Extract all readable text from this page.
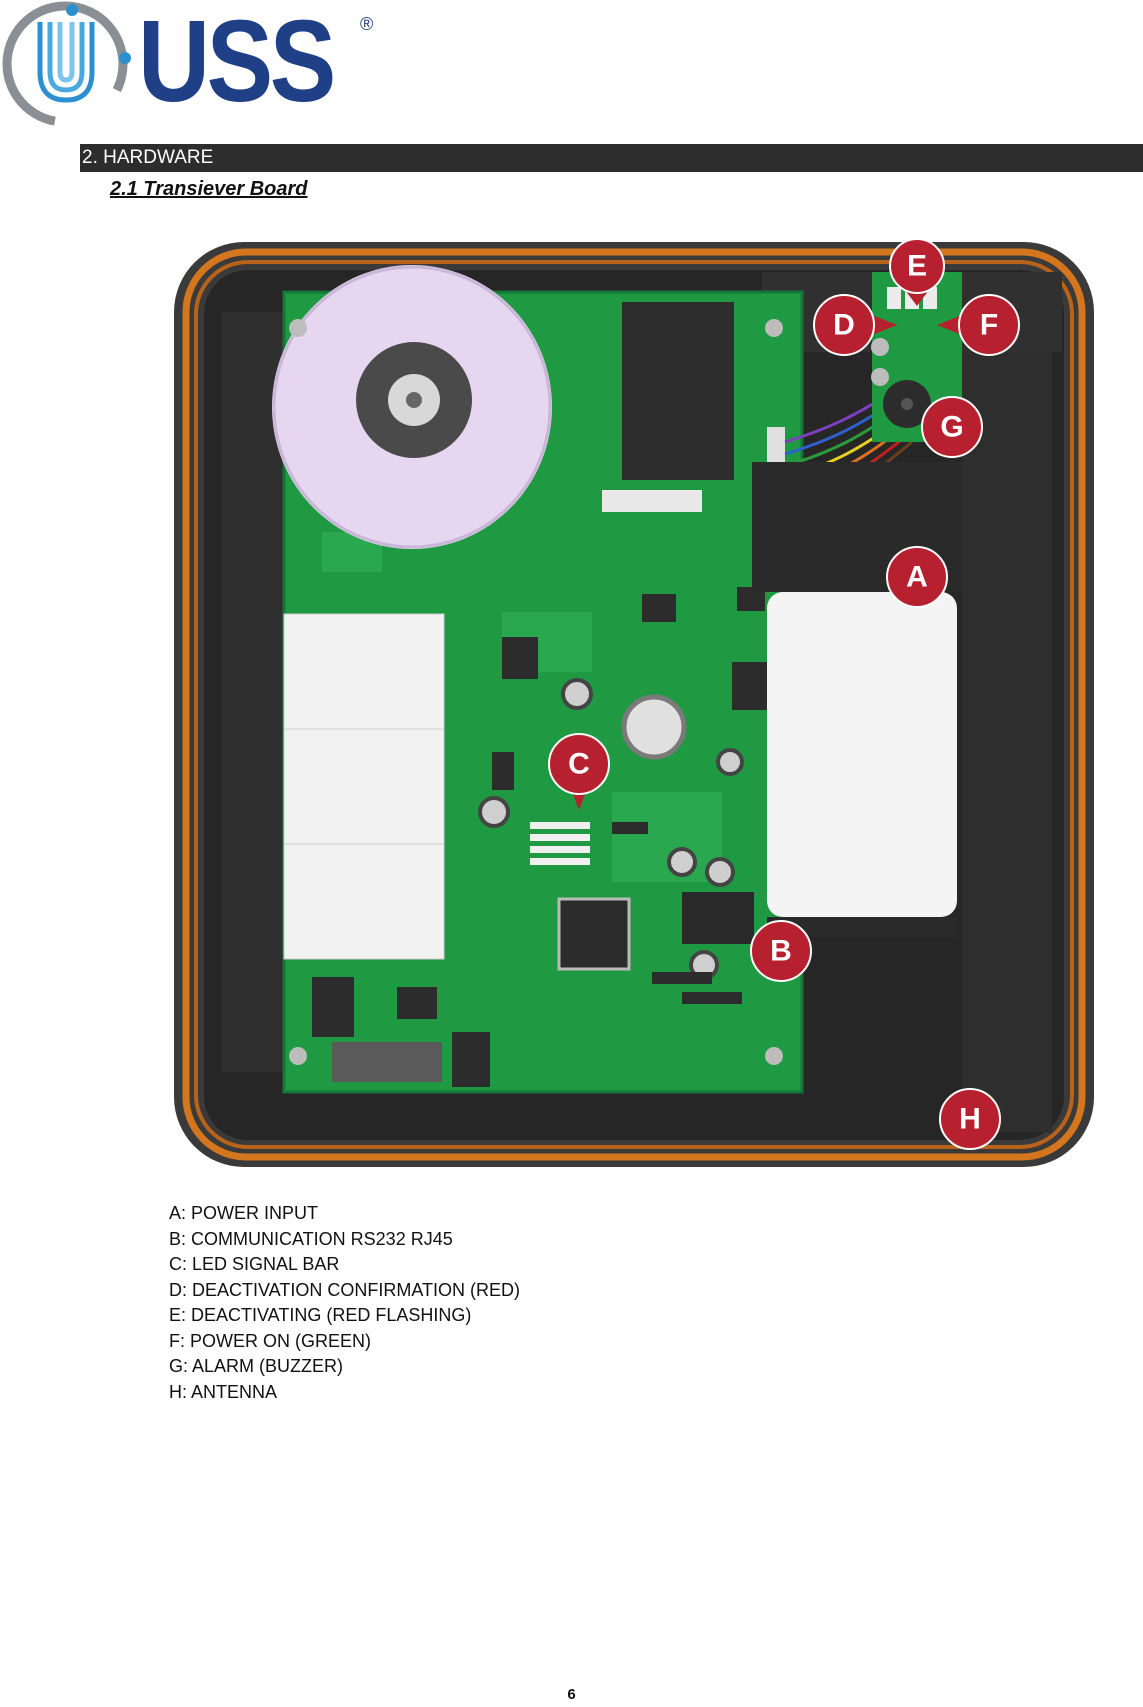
USS ®
2. HARDWARE
2.1 Transiever Board
A
B
C
D
E
F
G
H
A: POWER INPUT
B: COMMUNICATION RS232 RJ45
C: LED SIGNAL BAR
D: DEACTIVATION CONFIRMATION (RED)
E: DEACTIVATING (RED FLASHING)
F: POWER ON (GREEN)
G: ALARM (BUZZER)
H: ANTENNA
6
